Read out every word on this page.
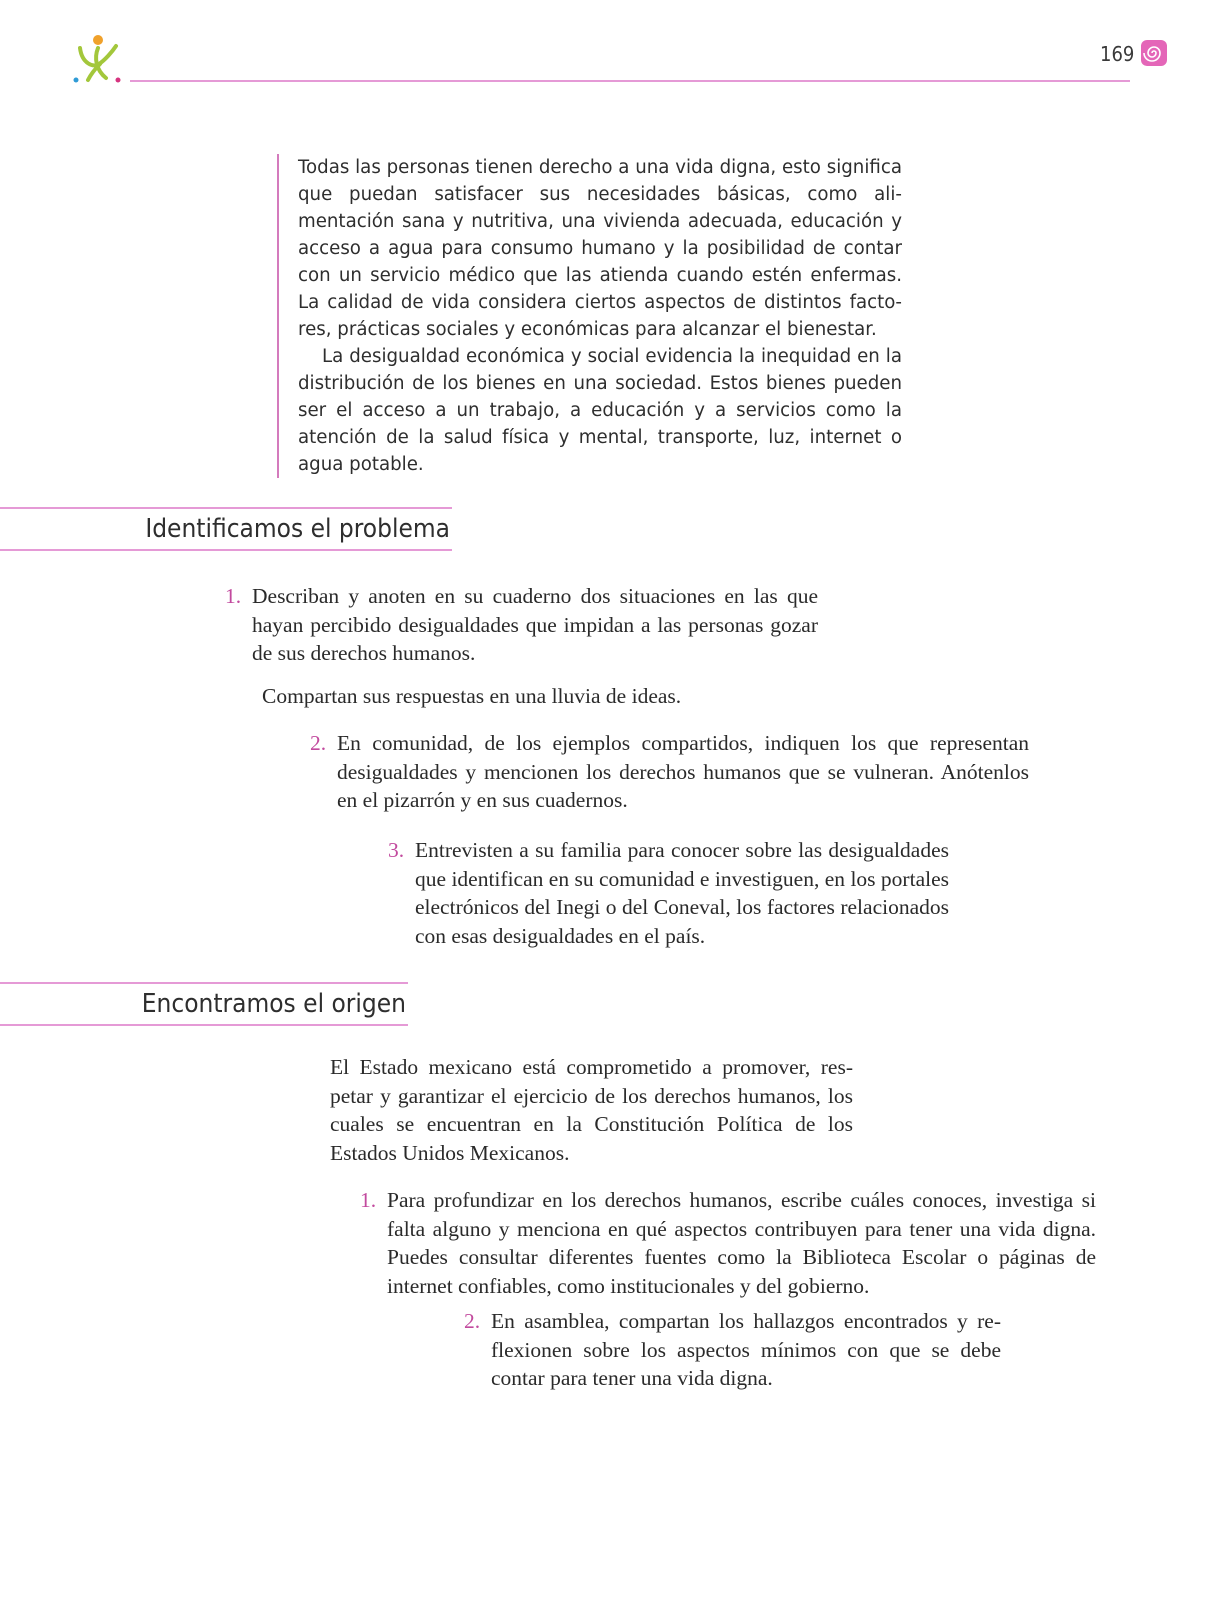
169

Todas las personas tienen derecho a una vida digna, esto significa que puedan satisfacer sus necesidades básicas, como alimentación sana y nutritiva, una vivienda adecuada, educación y acceso a agua para consumo humano y la posibilidad de contar con un servicio médico que las atienda cuando estén enfermas. La calidad de vida considera ciertos aspectos de distintos factores, prácticas sociales y económicas para alcanzar el bienestar.

La desigualdad económica y social evidencia la inequidad en la distribución de los bienes en una sociedad. Estos bienes pueden ser el acceso a un trabajo, a educación y a servicios como la atención de la salud física y mental, transporte, luz, internet o agua potable.

Identificamos el problema
1. Describan y anoten en su cuaderno dos situaciones en las que hayan percibido desigualdades que impidan a las personas gozar de sus derechos humanos.
Compartan sus respuestas en una lluvia de ideas.
2. En comunidad, de los ejemplos compartidos, indiquen los que representan desigualdades y mencionen los derechos humanos que se vulneran. Anótenlos en el pizarrón y en sus cuadernos.
3. Entrevisten a su familia para conocer sobre las desigualdades que identifican en su comunidad e investiguen, en los portales electrónicos del Inegi o del Coneval, los factores relacionados con esas desigualdades en el país.
Encontramos el origen
El Estado mexicano está comprometido a promover, respetar y garantizar el ejercicio de los derechos humanos, los cuales se encuentran en la Constitución Política de los Estados Unidos Mexicanos.
1. Para profundizar en los derechos humanos, escribe cuáles conoces, investiga si falta alguno y menciona en qué aspectos contribuyen para tener una vida digna. Puedes consultar diferentes fuentes como la Biblioteca Escolar o páginas de internet confiables, como institucionales y del gobierno.
2. En asamblea, compartan los hallazgos encontrados y reflexionen sobre los aspectos mínimos con que se debe contar para tener una vida digna.
